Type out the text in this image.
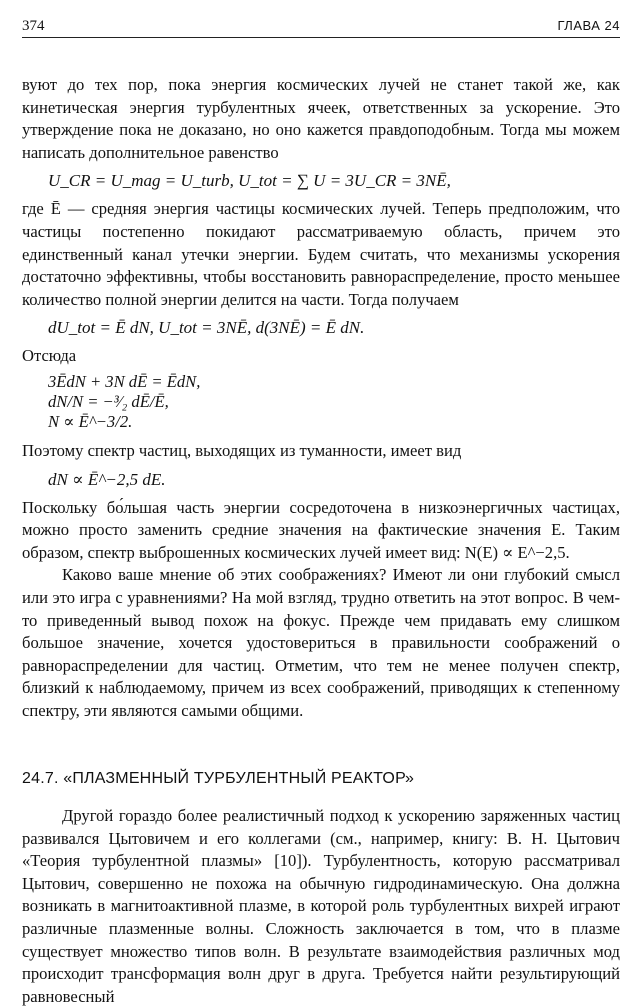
374	ГЛАВА 24

вуют до тех пор, пока энергия космических лучей не станет такой же, как кинетическая энергия турбулентных ячеек, ответственных за ускорение. Это утверждение пока не доказано, но оно кажется правдоподобным. Тогда мы можем написать дополнительное равенство

U_CR = U_mag = U_turb, U_tot = ∑ U = 3U_CR = 3NĒ,

где Ē — средняя энергия частицы космических лучей. Теперь предположим, что частицы постепенно покидают рассматриваемую область, причем это единственный канал утечки энергии. Будем считать, что механизмы ускорения достаточно эффективны, чтобы восстановить равнораспределение, просто меньшее количество полной энергии делится на части. Тогда получаем

dU_tot = Ē dN, U_tot = 3NĒ, d(3NĒ) = Ē dN.

Отсюда

3ĒdN + 3N dĒ = ĒdN,
dN/N = −³⁄₂ dĒ/Ē,
N ∝ Ē^−3/2.

Поэтому спектр частиц, выходящих из туманности, имеет вид

dN ∝ Ē^−2,5 dE.

Поскольку бо́льшая часть энергии сосредоточена в низкоэнергичных частицах, можно просто заменить средние значения на фактические значения E. Таким образом, спектр выброшенных космических лучей имеет вид: N(E) ∝ E^−2,5.

Каково ваше мнение об этих соображениях? Имеют ли они глубокий смысл или это игра с уравнениями? На мой взгляд, трудно ответить на этот вопрос. В чем-то приведенный вывод похож на фокус. Прежде чем придавать ему слишком большое значение, хочется удостовериться в правильности соображений о равнораспределении для частиц. Отметим, что тем не менее получен спектр, близкий к наблюдаемому, причем из всех соображений, приводящих к степенному спектру, эти являются самыми общими.

24.7. «ПЛАЗМЕННЫЙ ТУРБУЛЕНТНЫЙ РЕАКТОР»

Другой гораздо более реалистичный подход к ускорению заряженных частиц развивался Цытовичем и его коллегами (см., например, книгу: В. Н. Цытович «Теория турбулентной плазмы» [10]). Турбулентность, которую рассматривал Цытович, совершенно не похожа на обычную гидродинамическую. Она должна возникать в магнитоактивной плазме, в которой роль турбулентных вихрей играют различные плазменные волны. Сложность заключается в том, что в плазме существует множество типов волн. В результате взаимодействия различных мод происходит трансформация волн друг в друга. Требуется найти результирующий равновесный
